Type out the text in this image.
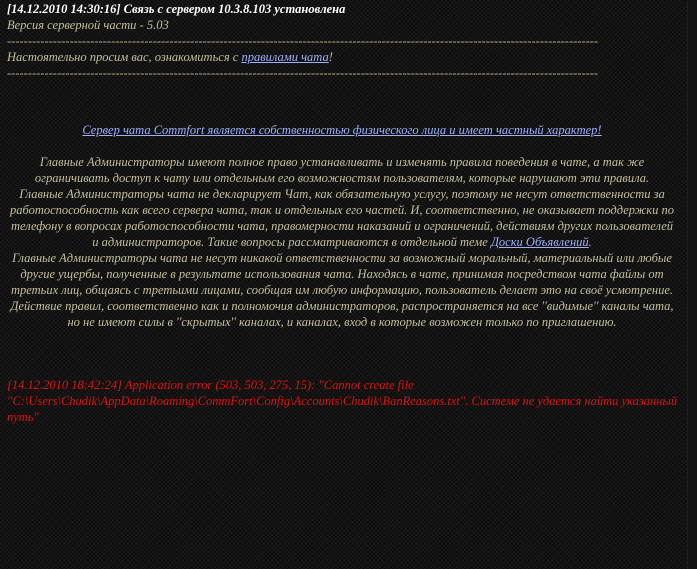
[14.12.2010 14:30:16] Связь с сервером 10.3.8.103 установлена
Версия серверной части - 5.03
----------------------------------------------------------------------------------------------------------------------------------------------
Настоятельно просим вас, ознакомиться с правилами чата!
----------------------------------------------------------------------------------------------------------------------------------------------

Сервер чата Commfort является собственностью физического лица и имеет частный характер!

Главные Администраторы имеют полное право устанавливать и изменять правила поведения в чате, а так же ограничивать доступ к чату или отдельным его возможностям пользователям, которые нарушают эти правила.

Главные Администраторы чата не декларирует Чат, как обязательную услугу, поэтому не несут ответственности за работоспособность как всего сервера чата, так и отдельных его частей. И, соответственно, не оказывает поддержки по телефону в вопросах работоспособности чата, правомерности наказаний и ограничений, действиям других пользователей и администраторов. Такие вопросы рассматриваются в отдельной теме Доски Объявлений.

Главные Администраторы чата не несут никакой ответственности за возможный моральный, материальный или любые другие ущербы, полученные в результате использования чата. Находясь в чате, принимая посредством чата файлы от третьих лиц, общаясь с третьими лицами, сообщая им любую информацию, пользователь делает это на своё усмотрение.

Действие правил, соответственно как и полномочия администраторов, распространяется на все ''видимые'' каналы чата, но не имеют силы в ''скрытых'' каналах, и каналах, вход в которые возможен только по приглашению.

[14.12.2010 18:42:24] Application error (503, 503, 275, 15): ''Cannot create file ''C:\Users\Chudik\AppData\Roaming\CommFort\Config\Accounts\Chudik\BanReasons.txt''. Системе не удается найти указанный путь''
